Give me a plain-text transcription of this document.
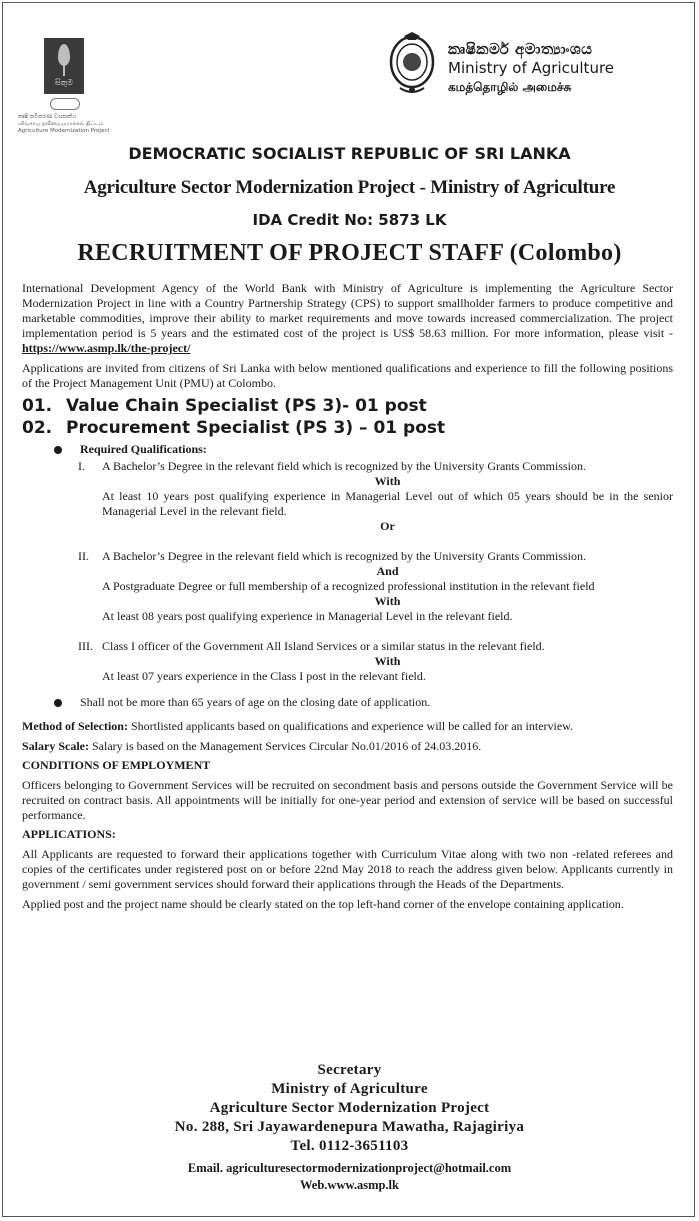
සිතුම
කෘෂි නවීකරණ ව්‍යාපෘතිය
விவசாய நவீனமயமாக்கல் திட்டம்
Agriculture Modernization Project
කෘෂිකර්ම අමාත්‍යාංශය
Ministry of Agriculture
கமத்தொழில் அமைச்சு
DEMOCRATIC SOCIALIST REPUBLIC OF SRI LANKA
Agriculture Sector Modernization Project - Ministry of Agriculture
IDA Credit No: 5873 LK
RECRUITMENT OF PROJECT STAFF (Colombo)

International Development Agency of the World Bank with Ministry of Agriculture is implementing the Agriculture Sector Modernization Project in line with a Country Partnership Strategy (CPS) to support smallholder farmers to produce competitive and marketable commodities, improve their ability to market requirements and move towards increased commercialization. The project implementation period is 5 years and the estimated cost of the project is US$ 58.63 million. For more information, please visit - https://www.asmp.lk/the-project/

Applications are invited from citizens of Sri Lanka with below mentioned qualifications and experience to fill the following positions of the Project Management Unit (PMU) at Colombo.

01. Value Chain Specialist (PS 3)- 01 post
02. Procurement Specialist (PS 3) – 01 post
Required Qualifications:
I. A Bachelor’s Degree in the relevant field which is recognized by the University Grants Commission.
With
At least 10 years post qualifying experience in Managerial Level out of which 05 years should be in the senior Managerial Level in the relevant field.
Or
II. A Bachelor’s Degree in the relevant field which is recognized by the University Grants Commission.
And
A Postgraduate Degree or full membership of a recognized professional institution in the relevant field
With
At least 08 years post qualifying experience in Managerial Level in the relevant field.
III. Class I officer of the Government All Island Services or a similar status in the relevant field.
With
At least 07 years experience in the Class I post in the relevant field.
Shall not be more than 65 years of age on the closing date of application.

Method of Selection: Shortlisted applicants based on qualifications and experience will be called for an interview.

Salary Scale: Salary is based on the Management Services Circular No.01/2016 of 24.03.2016.

CONDITIONS OF EMPLOYMENT

Officers belonging to Government Services will be recruited on secondment basis and persons outside the Government Service will be recruited on contract basis. All appointments will be initially for one-year period and extension of service will be based on successful performance.

APPLICATIONS:

All Applicants are requested to forward their applications together with Curriculum Vitae along with two non -related referees and copies of the certificates under registered post on or before 22nd May 2018 to reach the address given below. Applicants currently in government / semi government services should forward their applications through the Heads of the Departments.

Applied post and the project name should be clearly stated on the top left-hand corner of the envelope containing application.

Secretary
Ministry of Agriculture
Agriculture Sector Modernization Project
No. 288, Sri Jayawardenepura Mawatha, Rajagiriya
Tel. 0112-3651103
Email. agriculturesectormodernizationproject@hotmail.com
Web.www.asmp.lk
